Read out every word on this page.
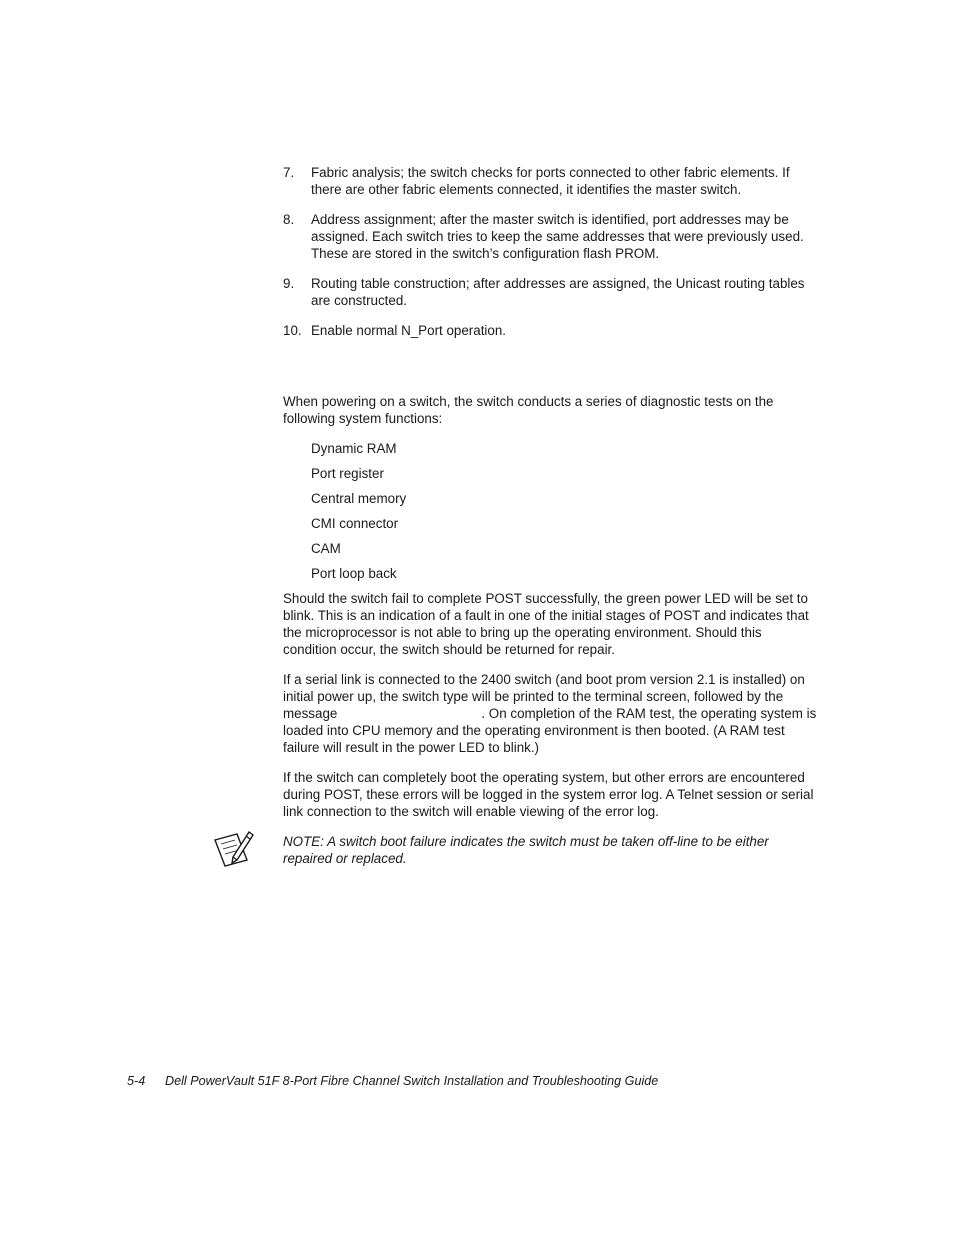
7. Fabric analysis; the switch checks for ports connected to other fabric elements. If there are other fabric elements connected, it identifies the master switch.
8. Address assignment; after the master switch is identified, port addresses may be assigned. Each switch tries to keep the same addresses that were previously used. These are stored in the switch’s configuration flash PROM.
9. Routing table construction; after addresses are assigned, the Unicast routing tables are constructed.
10. Enable normal N_Port operation.

When powering on a switch, the switch conducts a series of diagnostic tests on the following system functions:

Dynamic RAM
Port register
Central memory
CMI connector
CAM
Port loop back

Should the switch fail to complete POST successfully, the green power LED will be set to blink. This is an indication of a fault in one of the initial stages of POST and indicates that the microprocessor is not able to bring up the operating environment. Should this condition occur, the switch should be returned for repair.

If a serial link is connected to the 2400 switch (and boot prom version 2.1 is installed) on initial power up, the switch type will be printed to the terminal screen, followed by the message	. On completion of the RAM test, the operating system is loaded into CPU memory and the operating environment is then booted. (A RAM test failure will result in the power LED to blink.)

If the switch can completely boot the operating system, but other errors are encountered during POST, these errors will be logged in the system error log. A Telnet session or serial link connection to the switch will enable viewing of the error log.

NOTE: A switch boot failure indicates the switch must be taken off-line to be either repaired or replaced.

5-4 Dell PowerVault 51F 8-Port Fibre Channel Switch Installation and Troubleshooting Guide
